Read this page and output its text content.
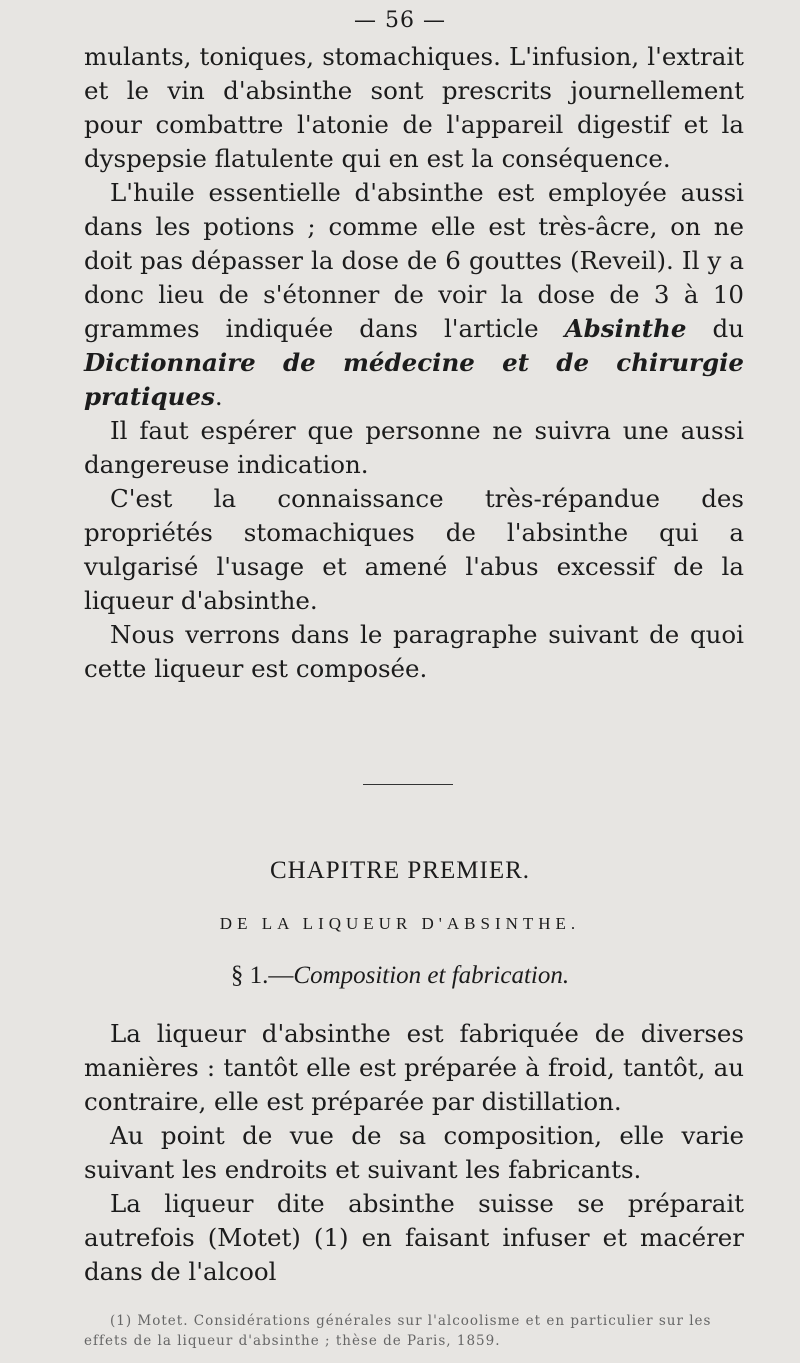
— 56 —

mulants, toniques, stomachiques. L'infusion, l'extrait et le vin d'absinthe sont prescrits journellement pour combattre l'atonie de l'appareil digestif et la dyspepsie flatulente qui en est la conséquence.

L'huile essentielle d'absinthe est employée aussi dans les potions ; comme elle est très-âcre, on ne doit pas dépasser la dose de 6 gouttes (Reveil). Il y a donc lieu de s'étonner de voir la dose de 3 à 10 grammes indiquée dans l'article Absinthe du Dictionnaire de médecine et de chirurgie pratiques.

Il faut espérer que personne ne suivra une aussi dangereuse indication.

C'est la connaissance très-répandue des propriétés stomachiques de l'absinthe qui a vulgarisé l'usage et amené l'abus excessif de la liqueur d'absinthe.

Nous verrons dans le paragraphe suivant de quoi cette liqueur est composée.

CHAPITRE PREMIER.
DE LA LIQUEUR D'ABSINTHE.
§ 1.—Composition et fabrication.

La liqueur d'absinthe est fabriquée de diverses manières : tantôt elle est préparée à froid, tantôt, au contraire, elle est préparée par distillation.

Au point de vue de sa composition, elle varie suivant les endroits et suivant les fabricants.

La liqueur dite absinthe suisse se préparait autrefois (Motet) (1) en faisant infuser et macérer dans de l'alcool

(1) Motet. Considérations générales sur l'alcoolisme et en particulier sur les effets de la liqueur d'absinthe ; thèse de Paris, 1859.
